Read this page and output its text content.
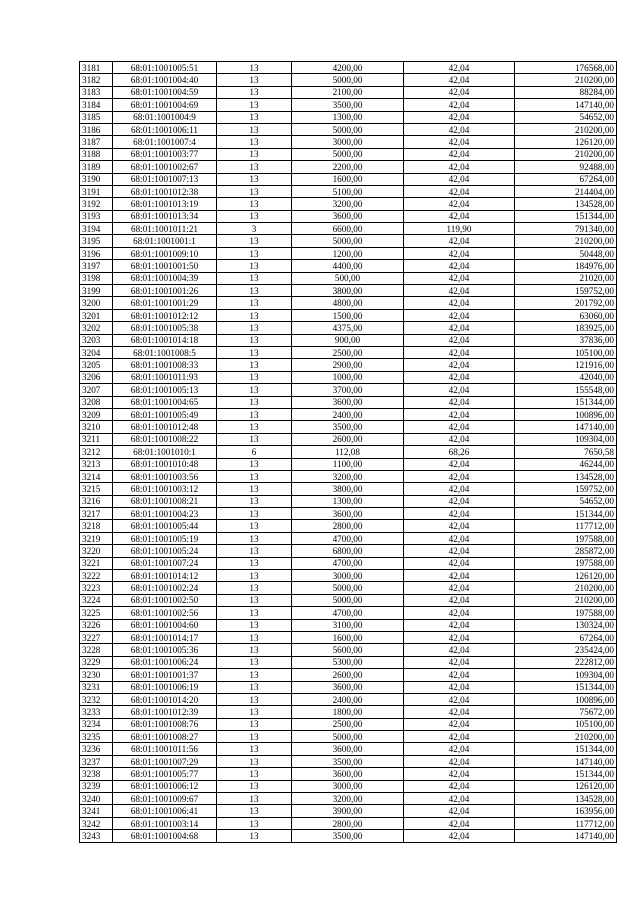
3181	68:01:1001005:51	13	4200,00	42,04	176568,00
3182	68:01:1001004:40	13	5000,00	42,04	210200,00
3183	68:01:1001004:59	13	2100,00	42,04	88284,00
3184	68:01:1001004:69	13	3500,00	42,04	147140,00
3185	68:01:1001004:9	13	1300,00	42,04	54652,00
3186	68:01:1001006:11	13	5000,00	42,04	210200,00
3187	68:01:1001007:4	13	3000,00	42,04	126120,00
3188	68:01:1001003:77	13	5000,00	42,04	210200,00
3189	68:01:1001002:67	13	2200,00	42,04	92488,00
3190	68:01:1001007:13	13	1600,00	42,04	67264,00
3191	68:01:1001012:38	13	5100,00	42,04	214404,00
3192	68:01:1001013:19	13	3200,00	42,04	134528,00
3193	68:01:1001013:34	13	3600,00	42,04	151344,00
3194	68:01:1001011:21	3	6600,00	119,90	791340,00
3195	68:01:1001001:1	13	5000,00	42,04	210200,00
3196	68:01:1001009:10	13	1200,00	42,04	50448,00
3197	68:01:1001001:50	13	4400,00	42,04	184976,00
3198	68:01:1001004:39	13	500,00	42,04	21020,00
3199	68:01:1001001:26	13	3800,00	42,04	159752,00
3200	68:01:1001001:29	13	4800,00	42,04	201792,00
3201	68:01:1001012:12	13	1500,00	42,04	63060,00
3202	68:01:1001005:38	13	4375,00	42,04	183925,00
3203	68:01:1001014:18	13	900,00	42,04	37836,00
3204	68:01:1001008:5	13	2500,00	42,04	105100,00
3205	68:01:1001008:33	13	2900,00	42,04	121916,00
3206	68:01:1001011:93	13	1000,00	42,04	42040,00
3207	68:01:1001005:13	13	3700,00	42,04	155548,00
3208	68:01:1001004:65	13	3600,00	42,04	151344,00
3209	68:01:1001005:49	13	2400,00	42,04	100896,00
3210	68:01:1001012:48	13	3500,00	42,04	147140,00
3211	68:01:1001008:22	13	2600,00	42,04	109304,00
3212	68:01:1001010:1	6	112,08	68,26	7650,58
3213	68:01:1001010:48	13	1100,00	42,04	46244,00
3214	68:01:1001003:56	13	3200,00	42,04	134528,00
3215	68:01:1001003:12	13	3800,00	42,04	159752,00
3216	68:01:1001008:21	13	1300,00	42,04	54652,00
3217	68:01:1001004:23	13	3600,00	42,04	151344,00
3218	68:01:1001005:44	13	2800,00	42,04	117712,00
3219	68:01:1001005:19	13	4700,00	42,04	197588,00
3220	68:01:1001005:24	13	6800,00	42,04	285872,00
3221	68:01:1001007:24	13	4700,00	42,04	197588,00
3222	68:01:1001014:12	13	3000,00	42,04	126120,00
3223	68:01:1001002:24	13	5000,00	42,04	210200,00
3224	68:01:1001002:50	13	5000,00	42,04	210200,00
3225	68:01:1001002:56	13	4700,00	42,04	197588,00
3226	68:01:1001004:60	13	3100,00	42,04	130324,00
3227	68:01:1001014:17	13	1600,00	42,04	67264,00
3228	68:01:1001005:36	13	5600,00	42,04	235424,00
3229	68:01:1001006:24	13	5300,00	42,04	222812,00
3230	68:01:1001001:37	13	2600,00	42,04	109304,00
3231	68:01:1001006:19	13	3600,00	42,04	151344,00
3232	68:01:1001014:20	13	2400,00	42,04	100896,00
3233	68:01:1001012:39	13	1800,00	42,04	75672,00
3234	68:01:1001008:76	13	2500,00	42,04	105100,00
3235	68:01:1001008:27	13	5000,00	42,04	210200,00
3236	68:01:1001011:56	13	3600,00	42,04	151344,00
3237	68:01:1001007:29	13	3500,00	42,04	147140,00
3238	68:01:1001005:77	13	3600,00	42,04	151344,00
3239	68:01:1001006:12	13	3000,00	42,04	126120,00
3240	68:01:1001009:67	13	3200,00	42,04	134528,00
3241	68:01:1001006:41	13	3900,00	42,04	163956,00
3242	68:01:1001003:14	13	2800,00	42,04	117712,00
3243	68:01:1001004:68	13	3500,00	42,04	147140,00
